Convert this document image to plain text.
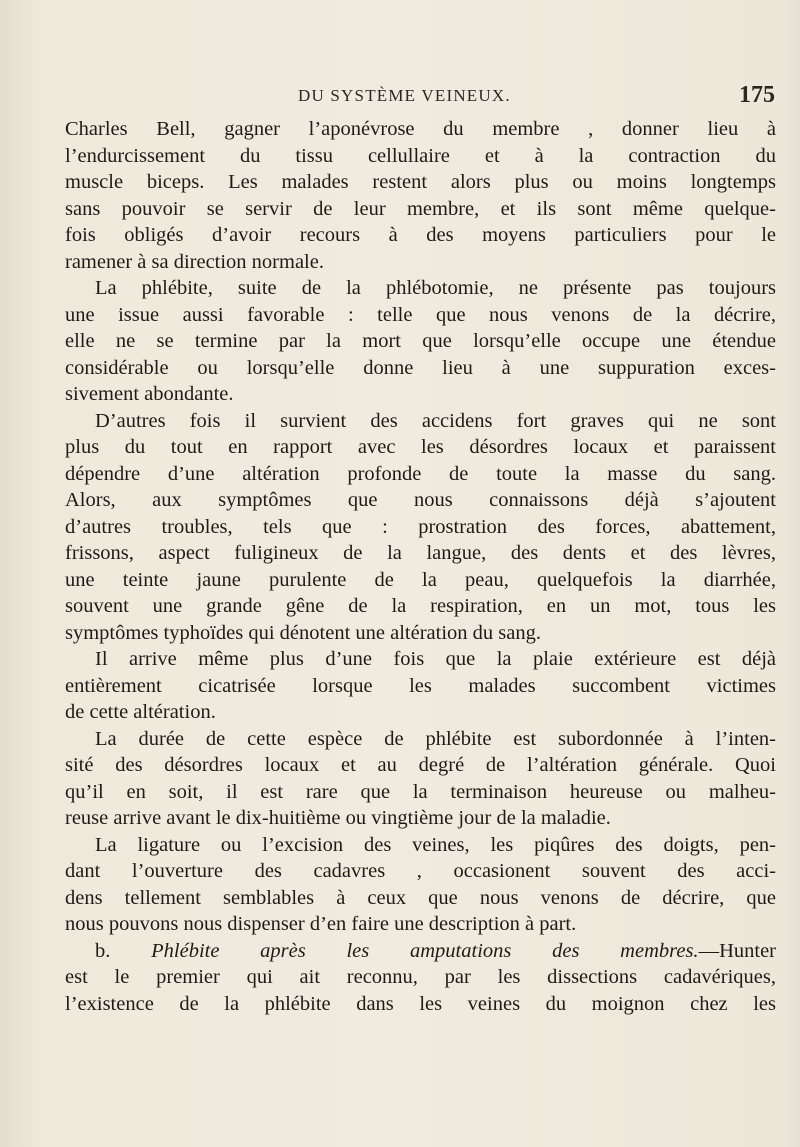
DU SYSTÈME VEINEUX.	175
Charles Bell, gagner l’aponévrose du membre , donner lieu à
l’endurcissement du tissu cellullaire et à la contraction du
muscle biceps. Les malades restent alors plus ou moins longtemps
sans pouvoir se servir de leur membre, et ils sont même quelque-
fois obligés d’avoir recours à des moyens particuliers pour le
ramener à sa direction normale.
La phlébite, suite de la phlébotomie, ne présente pas toujours
une issue aussi favorable : telle que nous venons de la décrire,
elle ne se termine par la mort que lorsqu’elle occupe une étendue
considérable ou lorsqu’elle donne lieu à une suppuration exces-
sivement abondante.
D’autres fois il survient des accidens fort graves qui ne sont
plus du tout en rapport avec les désordres locaux et paraissent
dépendre d’une altération profonde de toute la masse du sang.
Alors, aux symptômes que nous connaissons déjà s’ajoutent
d’autres troubles, tels que : prostration des forces, abattement,
frissons, aspect fuligineux de la langue, des dents et des lèvres,
une teinte jaune purulente de la peau, quelquefois la diarrhée,
souvent une grande gêne de la respiration, en un mot, tous les
symptômes typhoïdes qui dénotent une altération du sang.
Il arrive même plus d’une fois que la plaie extérieure est déjà
entièrement cicatrisée lorsque les malades succombent victimes
de cette altération.
La durée de cette espèce de phlébite est subordonnée à l’inten-
sité des désordres locaux et au degré de l’altération générale. Quoi
qu’il en soit, il est rare que la terminaison heureuse ou malheu-
reuse arrive avant le dix-huitième ou vingtième jour de la maladie.
La ligature ou l’excision des veines, les piqûres des doigts, pen-
dant l’ouverture des cadavres , occasionent souvent des acci-
dens tellement semblables à ceux que nous venons de décrire, que
nous pouvons nous dispenser d’en faire une description à part.
b. Phlébite après les amputations des membres.—Hunter
est le premier qui ait reconnu, par les dissections cadavériques,
l’existence de la phlébite dans les veines du moignon chez les
